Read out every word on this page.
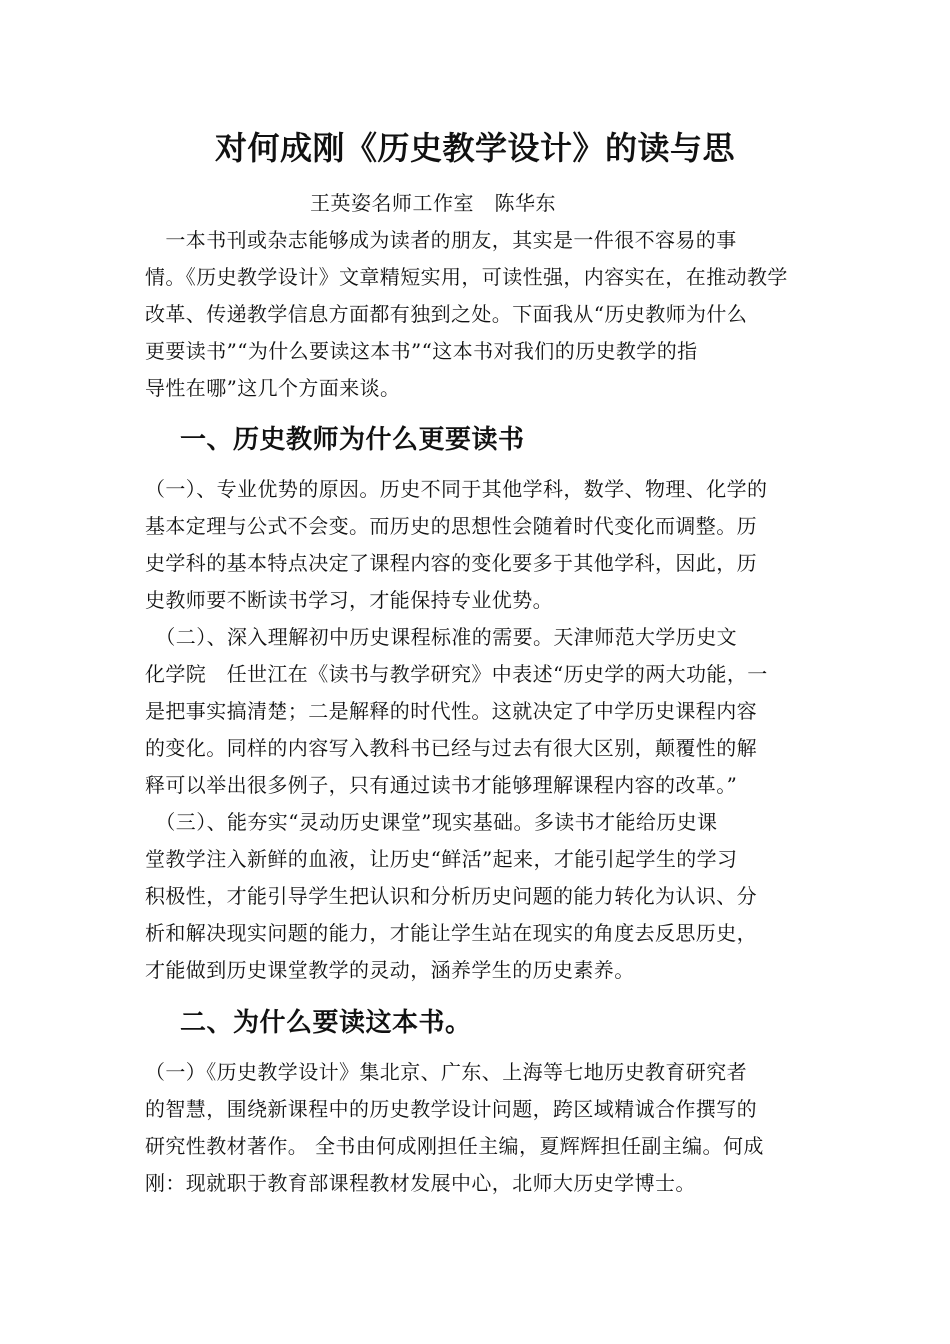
对何成刚《历史教学设计》的读与思

王英姿名师工作室　陈华东

　一本书刊或杂志能够成为读者的朋友，其实是一件很不容易的事
情。《历史教学设计》文章精短实用，可读性强，内容实在，在推动教学
改革、传递教学信息方面都有独到之处。下面我从“历史教师为什么
更要读书”“为什么要读这本书”“这本书对我们的历史教学的指
导性在哪”这几个方面来谈。

一、历史教师为什么更要读书

（一）、专业优势的原因。历史不同于其他学科，数学、物理、化学的
基本定理与公式不会变。而历史的思想性会随着时代变化而调整。历
史学科的基本特点决定了课程内容的变化要多于其他学科，因此，历
史教师要不断读书学习，才能保持专业优势。

　（二）、深入理解初中历史课程标准的需要。天津师范大学历史文
化学院　任世江在《读书与教学研究》中表述“历史学的两大功能，一
是把事实搞清楚；二是解释的时代性。这就决定了中学历史课程内容
的变化。同样的内容写入教科书已经与过去有很大区别，颠覆性的解
释可以举出很多例子，只有通过读书才能够理解课程内容的改革。”

　（三）、能夯实“灵动历史课堂”现实基础。多读书才能给历史课
堂教学注入新鲜的血液，让历史“鲜活”起来，才能引起学生的学习
积极性，才能引导学生把认识和分析历史问题的能力转化为认识、分
析和解决现实问题的能力，才能让学生站在现实的角度去反思历史，
才能做到历史课堂教学的灵动，涵养学生的历史素养。

二、为什么要读这本书。

（一）《历史教学设计》集北京、广东、上海等七地历史教育研究者
的智慧，围绕新课程中的历史教学设计问题，跨区域精诚合作撰写的
研究性教材著作。 全书由何成刚担任主编，夏辉辉担任副主编。何成
刚：现就职于教育部课程教材发展中心，北师大历史学博士。
